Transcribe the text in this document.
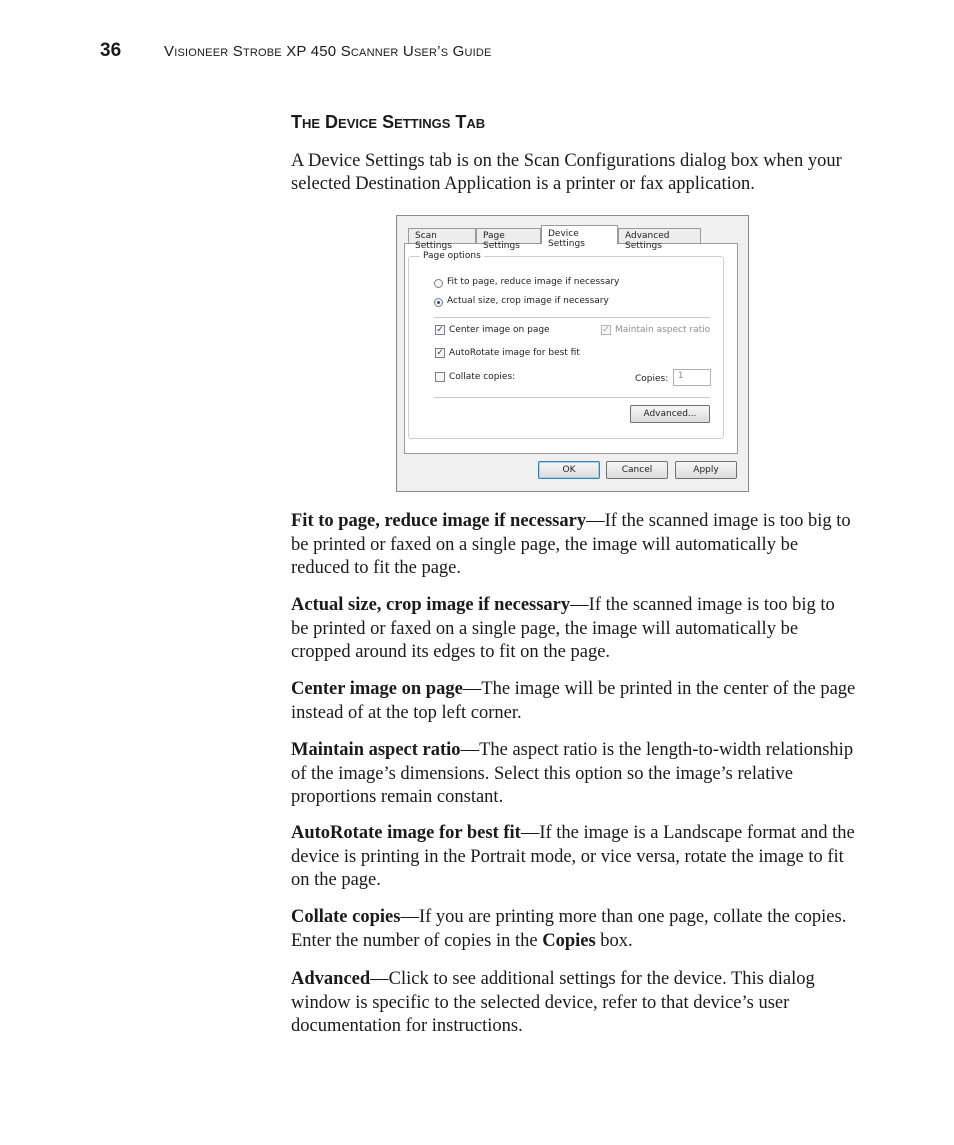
36	Visioneer Strobe XP 450 Scanner User’s Guide
The Device Settings Tab

A Device Settings tab is on the Scan Configurations dialog box when your selected Destination Application is a printer or fax application.

Scan Settings
Page Settings
Device Settings
Advanced Settings
Page options
Fit to page, reduce image if necessary
Actual size, crop image if necessary
✓ Center image on page	✓ Maintain aspect ratio
✓ AutoRotate image for best fit
Collate copies:	Copies:	1
Advanced...
OK	Cancel	Apply

Fit to page, reduce image if necessary—If the scanned image is too big to be printed or faxed on a single page, the image will automatically be reduced to fit the page.

Actual size, crop image if necessary—If the scanned image is too big to be printed or faxed on a single page, the image will automatically be cropped around its edges to fit on the page.

Center image on page—The image will be printed in the center of the page instead of at the top left corner.

Maintain aspect ratio—The aspect ratio is the length-to-width relationship of the image’s dimensions. Select this option so the image’s relative proportions remain constant.

AutoRotate image for best fit—If the image is a Landscape format and the device is printing in the Portrait mode, or vice versa, rotate the image to fit on the page.

Collate copies—If you are printing more than one page, collate the copies. Enter the number of copies in the Copies box.

Advanced—Click to see additional settings for the device. This dialog window is specific to the selected device, refer to that device’s user documentation for instructions.
